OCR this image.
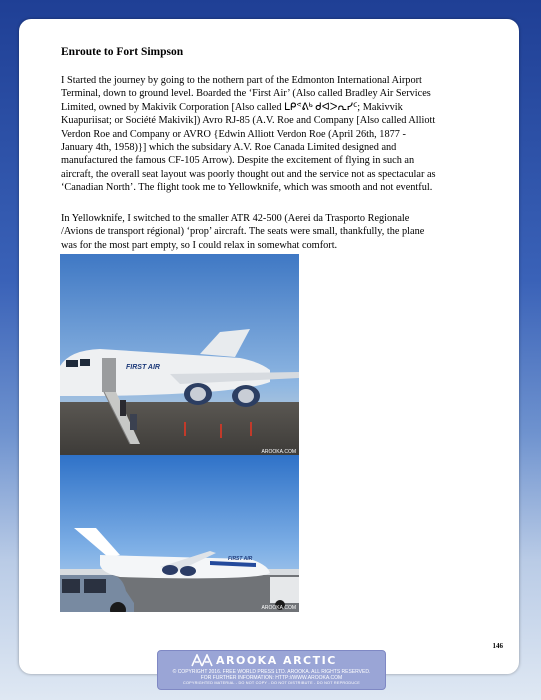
Enroute to Fort Simpson

I Started the journey by going to the nothern part of the Edmonton International Airport Terminal, down to ground level. Boarded the ‘First Air’ (Also called Bradley Air Services Limited, owned by Makivik Corporation [Also called ᒪᑭᕝᕕᒃ ᑯᐊᐳᕆᓯᑦ; Makivvik Kuapuriisat; or Société Makivik]) Avro RJ-85 (A.V. Roe and Company [Also called Alliott Verdon Roe and Company or AVRO {Edwin Alliott Verdon Roe (April 26th, 1877 - January 4th, 1958)}] which the subsidary A.V. Roe Canada Limited designed and manufactured the famous CF-105 Arrow). Despite the excitement of flying in such an aircraft, the overall seat layout was poorly thought out and the service not as spectacular as ‘Canadian North’. The flight took me to Yellowknife, which was smooth and not eventful.

In Yellowknife, I switched to the smaller ATR 42-500 (Aerei da Trasporto Regionale /Avions de transport régional) ‘prop’ aircraft. The seats were small, thankfully, the plane was for the most part empty, so I could relax in somewhat comfort.

FIRST AIR
AROOKA.COM
FIRST AIR
AROOKA.COM
146
AROOKA ARCTIC
© COPYRIGHT 2016. FREE WORLD PRESS LTD. AROOKA. ALL RIGHTS RESERVED.
FOR FURTHER INFORMATION: HTTP://WWW.AROOKA.COM
COPYRIGHTED MATERIAL - DO NOT COPY - DO NOT DISTRIBUTE - DO NOT REPRODUCE
